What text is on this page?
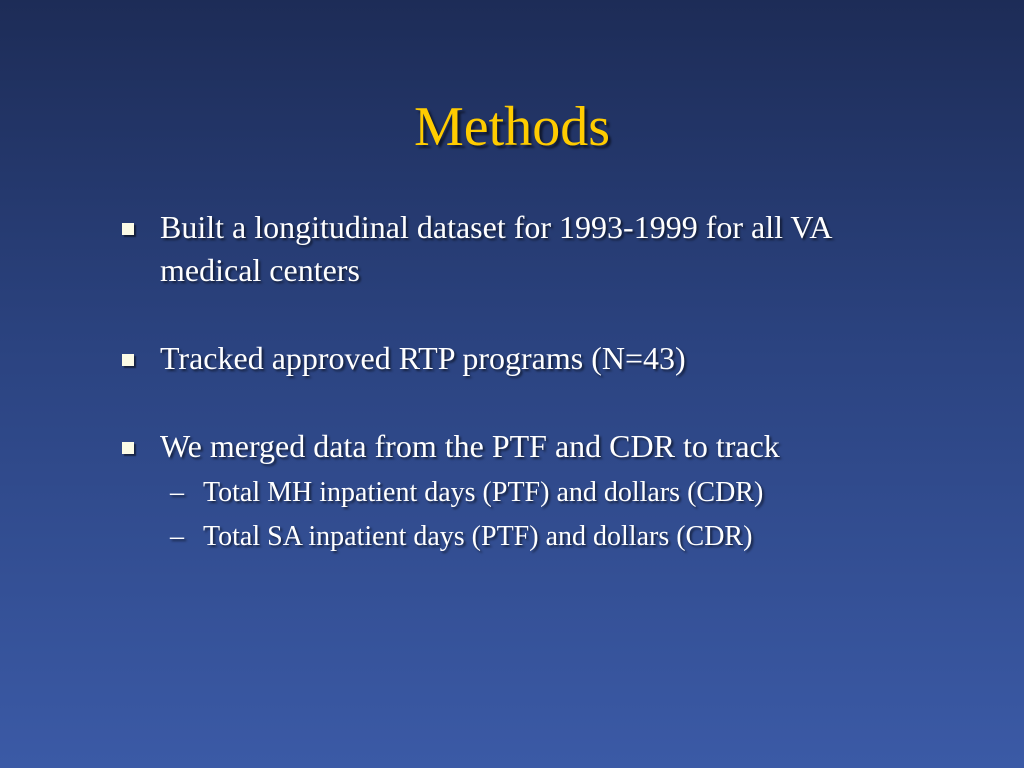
Methods
Built a longitudinal dataset for 1993-1999 for all VA medical centers
Tracked approved RTP programs (N=43)
We merged data from the PTF and CDR to track
– Total MH inpatient days (PTF) and dollars (CDR)
– Total SA inpatient days (PTF) and dollars (CDR)
